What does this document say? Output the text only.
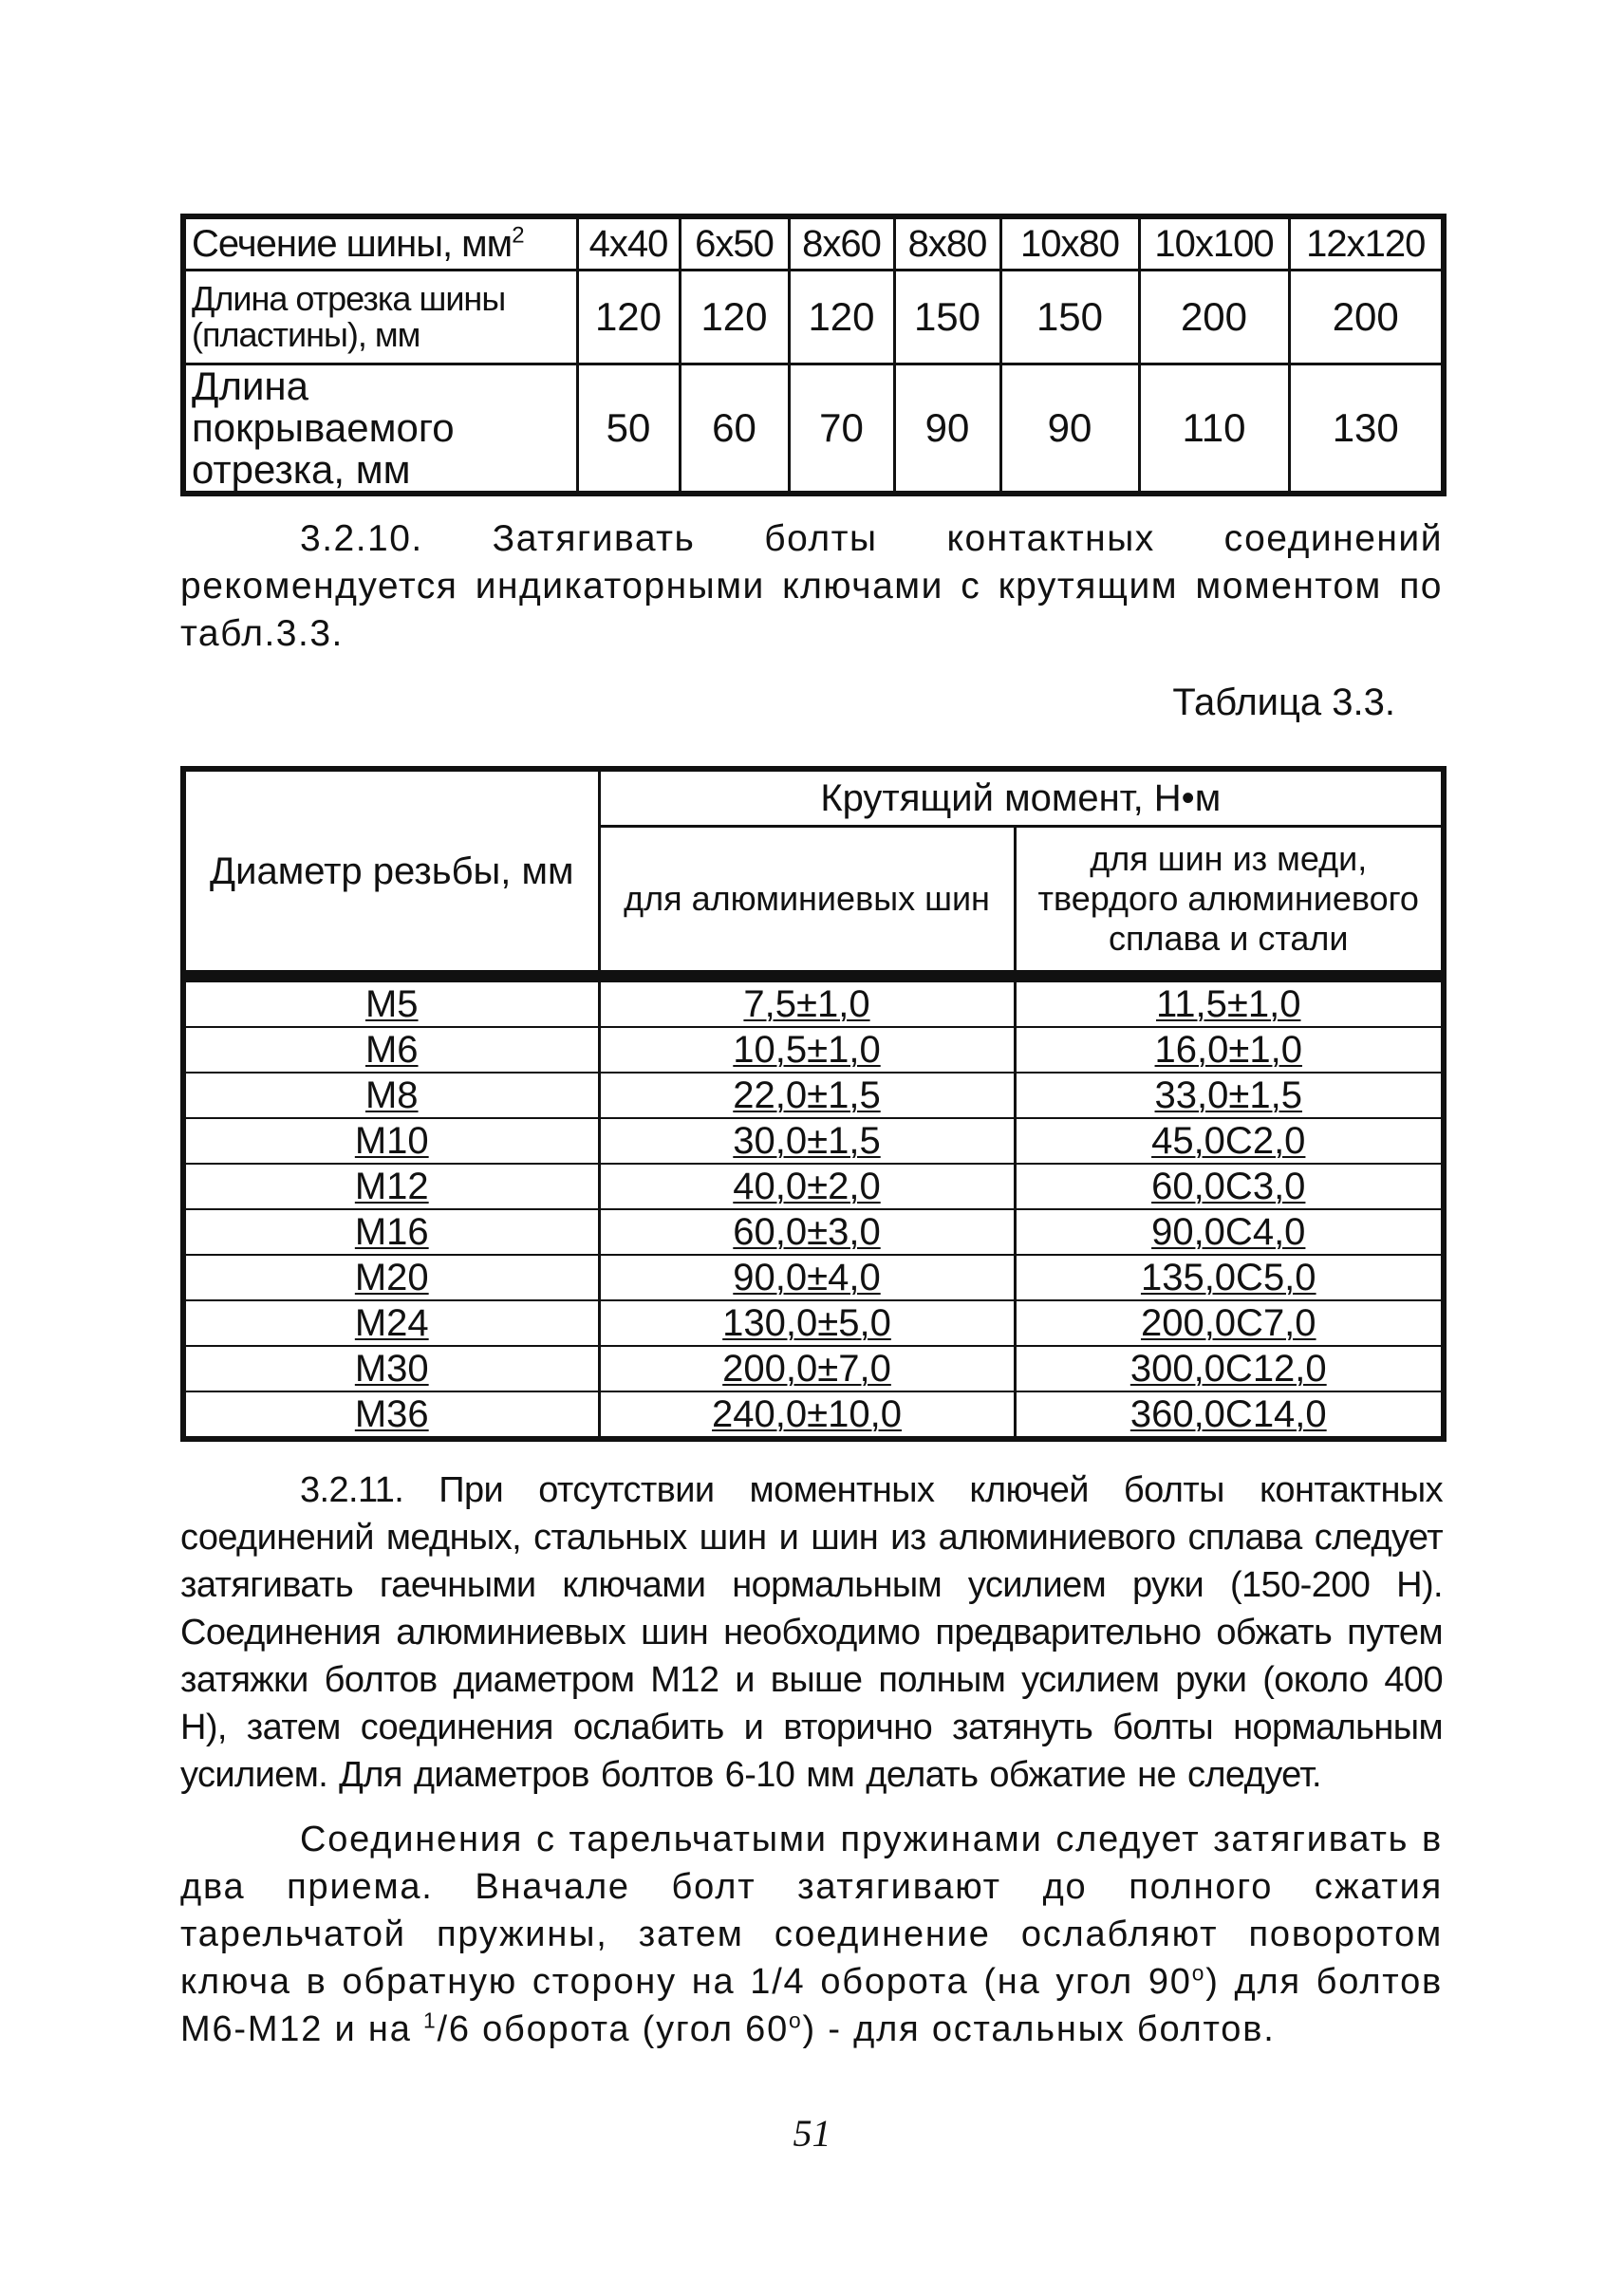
Сечение шины, $мм^2$	4x40	6x50	8x60	8x80	10x80	10x100	12x120
Длина отрезка шины (пластины), мм	120	120	120	150	150	200	200
Длина покрываемого отрезка, мм	50	60	70	90	90	110	130

3.2.10. Затягивать болты контактных соединений рекомендуется индикаторными ключами с крутящим моментом по табл.3.3.

Таблица 3.3.
Диаметр резьбы, мм	Крутящий момент, Н•м	
	для алюминиевых шин	для шин из меди, твердого алюминиевого сплава и стали

M5	7,5±1,0	11,5±1,0
M6	10,5±1,0	16,0±1,0
M8	22,0±1,5	33,0±1,5
M10	30,0±1,5	45,0C2,0
M12	40,0±2,0	60,0C3,0
M16	60,0±3,0	90,0C4,0
M20	90,0±4,0	135,0C5,0
M24	130,0±5,0	200,0C7,0
M30	200,0±7,0	300,0C12,0
M36	240,0±10,0	360,0C14,0

3.2.11. При отсутствии моментных ключей болты контактных соединений медных, стальных шин и шин из алюминиевого сплава следует затягивать гаечными ключами нормальным усилием руки (150-200 Н). Соединения алюминиевых шин необходимо предварительно обжать путем затяжки болтов диаметром М12 и выше полным усилием руки (около 400 Н), затем соединения ослабить и вторично затянуть болты нормальным усилием. Для диаметров болтов 6-10 мм делать обжатие не следует.

Соединения с тарельчатыми пружинами следует затягивать в два приема. Вначале болт затягивают до полного сжатия тарельчатой пружины, затем соединение ослабляют поворотом ключа в обратную сторону на 1/4 оборота (на угол 90$^o$) для болтов М6-М12 и на $^1$/6 оборота (угол 60$^o$) - для остальных болтов.

51
